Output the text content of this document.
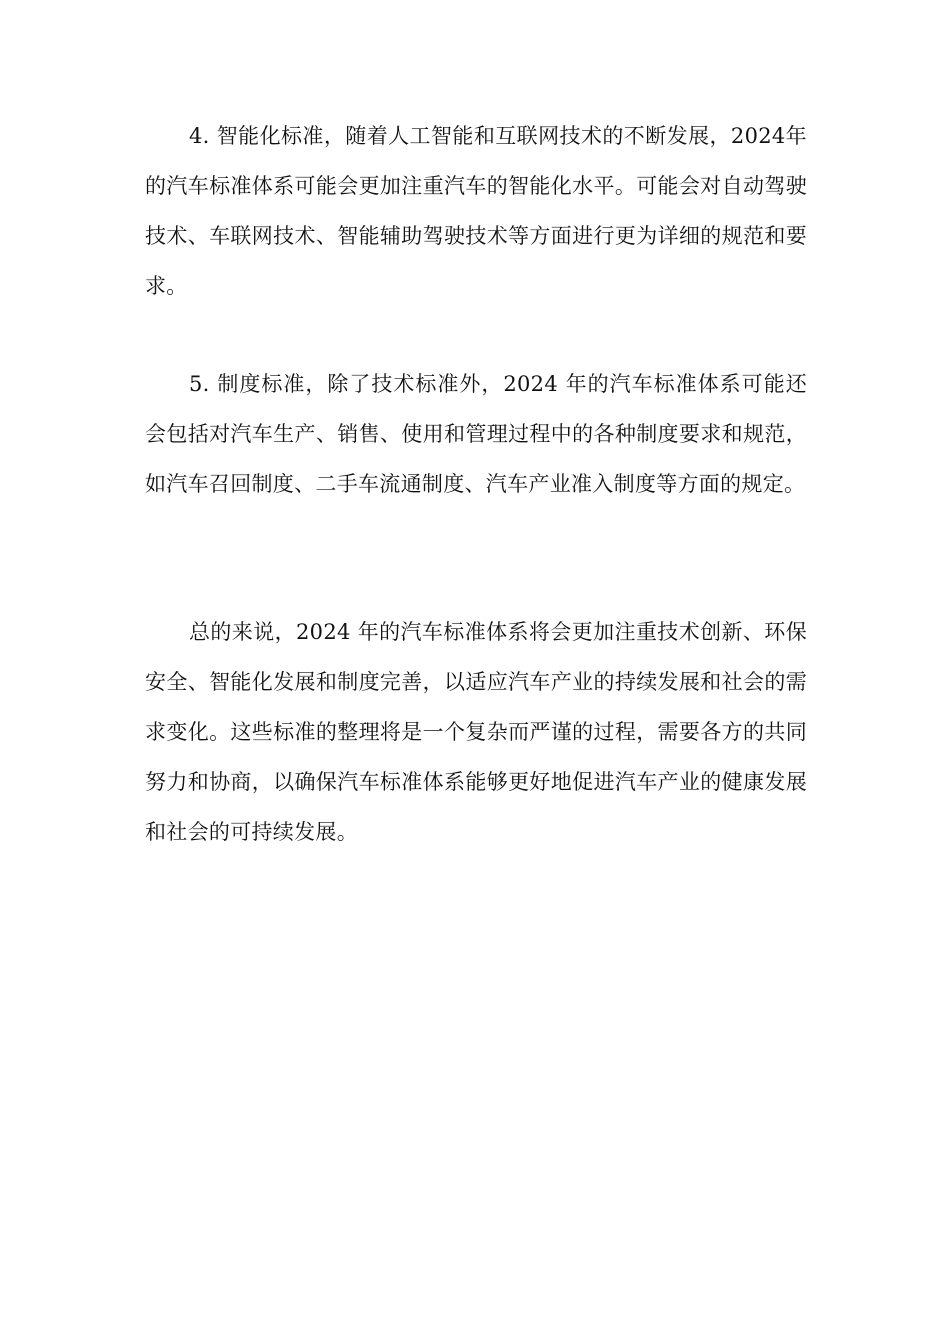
4. 智能化标准，随着人工智能和互联网技术的不断发展，2024年的汽车标准体系可能会更加注重汽车的智能化水平。可能会对自动驾驶技术、车联网技术、智能辅助驾驶技术等方面进行更为详细的规范和要求。

5. 制度标准，除了技术标准外，2024 年的汽车标准体系可能还会包括对汽车生产、销售、使用和管理过程中的各种制度要求和规范，如汽车召回制度、二手车流通制度、汽车产业准入制度等方面的规定。

总的来说，2024 年的汽车标准体系将会更加注重技术创新、环保安全、智能化发展和制度完善，以适应汽车产业的持续发展和社会的需求变化。这些标准的整理将是一个复杂而严谨的过程，需要各方的共同努力和协商，以确保汽车标准体系能够更好地促进汽车产业的健康发展和社会的可持续发展。
